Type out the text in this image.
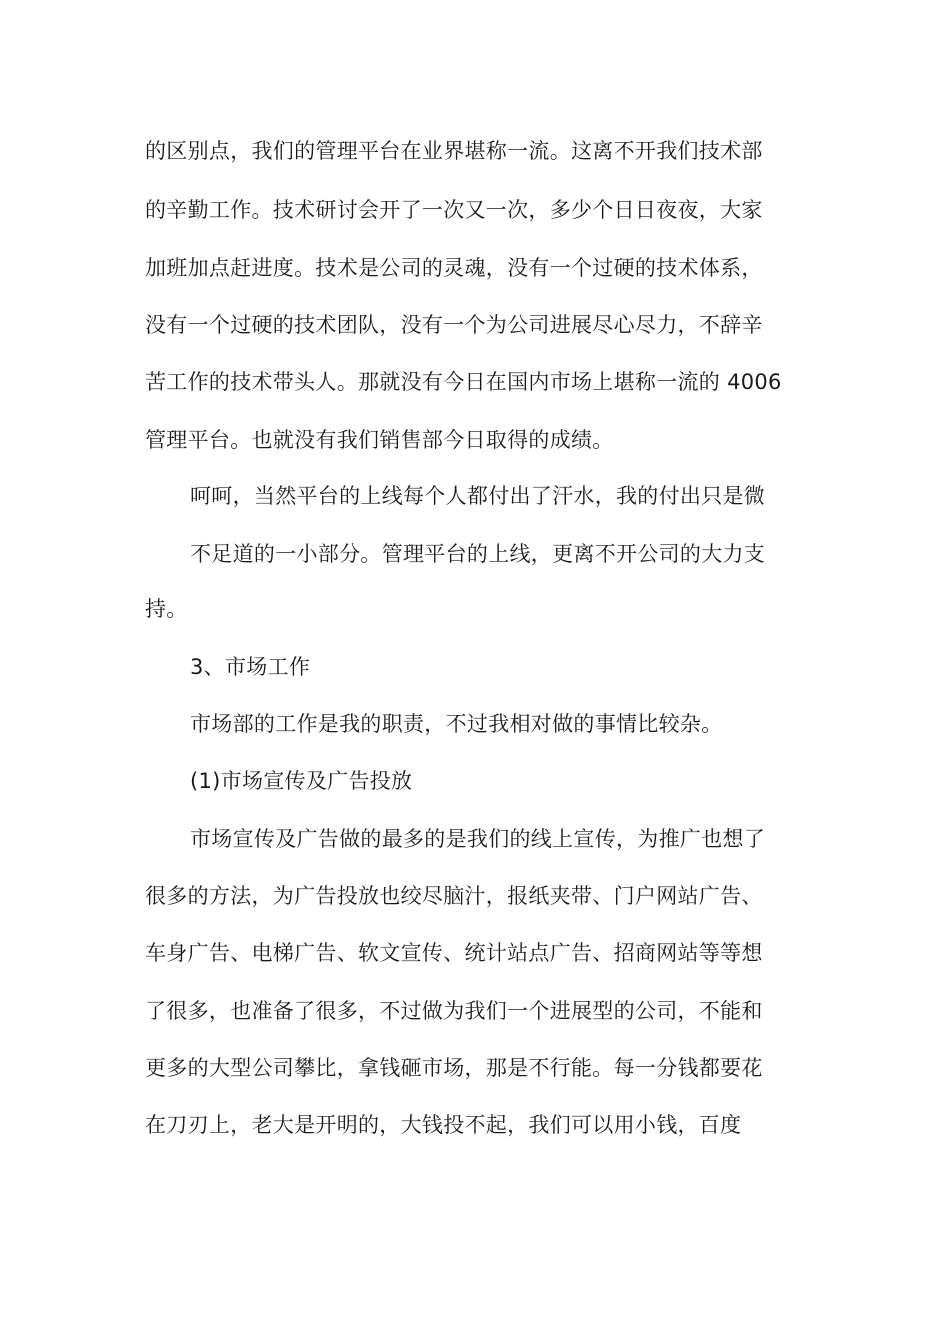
的区别点，我们的管理平台在业界堪称一流。这离不开我们技术部
的辛勤工作。技术研讨会开了一次又一次，多少个日日夜夜，大家
加班加点赶进度。技术是公司的灵魂，没有一个过硬的技术体系，
没有一个过硬的技术团队，没有一个为公司进展尽心尽力，不辞辛
苦工作的技术带头人。那就没有今日在国内市场上堪称一流的 4006
管理平台。也就没有我们销售部今日取得的成绩。
呵呵，当然平台的上线每个人都付出了汗水，我的付出只是微
不足道的一小部分。管理平台的上线，更离不开公司的大力支
持。
3、市场工作
市场部的工作是我的职责，不过我相对做的事情比较杂。
(1)市场宣传及广告投放
市场宣传及广告做的最多的是我们的线上宣传，为推广也想了
很多的方法，为广告投放也绞尽脑汁，报纸夹带、门户网站广告、
车身广告、电梯广告、软文宣传、统计站点广告、招商网站等等想
了很多，也准备了很多，不过做为我们一个进展型的公司，不能和
更多的大型公司攀比，拿钱砸市场，那是不行能。每一分钱都要花
在刀刃上，老大是开明的，大钱投不起，我们可以用小钱，百度
